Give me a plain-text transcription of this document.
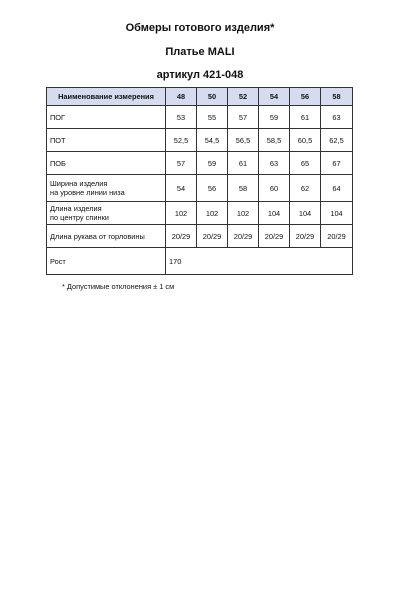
Обмеры готового изделия*
Платье MALI
артикул 421-048
Наименование измерения	48	50	52	54	56	58
ПОГ	53	55	57	59	61	63
ПОТ	52,5	54,5	56,5	58,5	60,5	62,5
ПОБ	57	59	61	63	65	67
Ширина изделия
на уровне линии низа	54	56	58	60	62	64
Длина изделия
по центру спинки	102	102	102	104	104	104
Длина рукава от горловины	20/29	20/29	20/29	20/29	20/29	20/29
Рост	170					
* Допустимые отклонения ± 1 см
